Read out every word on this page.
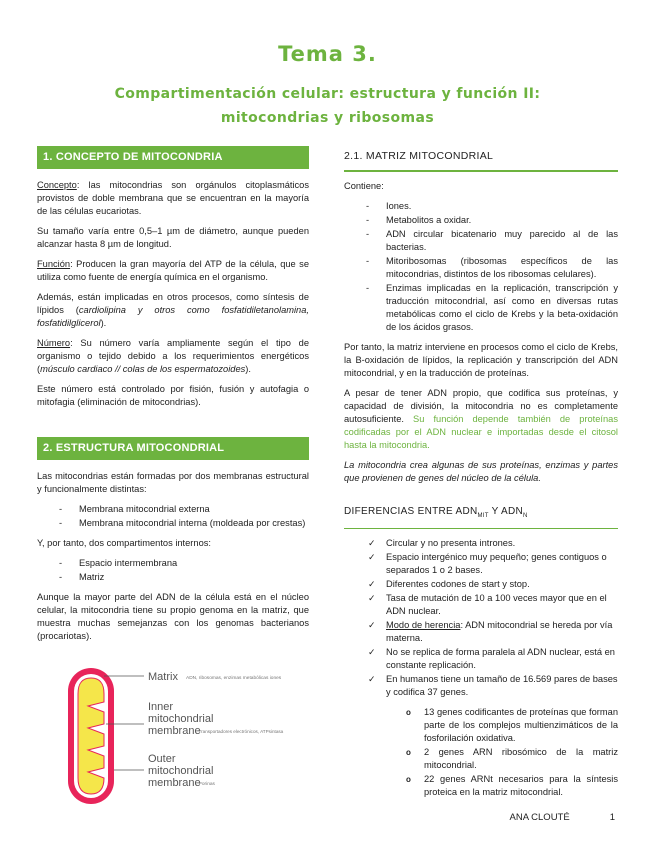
Tema 3.
Compartimentación celular: estructura y función II:
mitocondrias y ribosomas
1. CONCEPTO DE MITOCONDRIA

Concepto: las mitocondrias son orgánulos citoplasmáticos provistos de doble membrana que se encuentran en la mayoría de las células eucariotas.

Su tamaño varía entre 0,5–1 µm de diámetro, aunque pueden alcanzar hasta 8 µm de longitud.

Función: Producen la gran mayoría del ATP de la célula, que se utiliza como fuente de energía química en el organismo.

Además, están implicadas en otros procesos, como síntesis de lípidos (cardiolipina y otros como fosfatidiletanolamina, fosfatidilglicerol).

Número: Su número varía ampliamente según el tipo de organismo o tejido debido a los requerimientos energéticos (músculo cardiaco // colas de los espermatozoides).

Este número está controlado por fisión, fusión y autofagia o mitofagia (eliminación de mitocondrias).

2. ESTRUCTURA MITOCONDRIAL

Las mitocondrias están formadas por dos membranas estructural y funcionalmente distintas:

- Membrana mitocondrial externa
- Membrana mitocondrial interna (moldeada por crestas)

Y, por tanto, dos compartimentos internos:

- Espacio intermembrana
- Matriz

Aunque la mayor parte del ADN de la célula está en el núcleo celular, la mitocondria tiene su propio genoma en la matriz, que muestra muchas semejanzas con los genomas bacterianos (procariotas).

Matrix ADN, ribosomas, enzimas metabólicas iones
Inner
mitochondrial
membrane
: Transportadores electrónicos, ATPsintasa
Outer
mitochondrial
membrane
: Porinas
2.1. MATRIZ MITOCONDRIAL

Contiene:

- Iones.
- Metabolitos a oxidar.
- ADN circular bicatenario muy parecido al de las bacterias.
- Mitoribosomas (ribosomas específicos de las mitocondrias, distintos de los ribosomas celulares).
- Enzimas implicadas en la replicación, transcripción y traducción mitocondrial, así como en diversas rutas metabólicas como el ciclo de Krebs y la beta-oxidación de los ácidos grasos.

Por tanto, la matriz interviene en procesos como el ciclo de Krebs, la B-oxidación de lípidos, la replicación y transcripción del ADN mitocondrial, y en la traducción de proteínas.

A pesar de tener ADN propio, que codifica sus proteínas, y capacidad de división, la mitocondria no es completamente autosuficiente. Su función depende también de proteínas codificadas por el ADN nuclear e importadas desde el citosol hasta la mitocondria.

La mitocondria crea algunas de sus proteínas, enzimas y partes que provienen de genes del núcleo de la célula.

DIFERENCIAS ENTRE $ADN_{MIT}$ Y $ADN_N$
✓ Circular y no presenta intrones.
✓ Espacio intergénico muy pequeño; genes contiguos o separados 1 o 2 bases.
✓ Diferentes codones de start y stop.
✓ Tasa de mutación de 10 a 100 veces mayor que en el ADN nuclear.
✓ Modo de herencia: ADN mitocondrial se hereda por vía materna.
✓ No se replica de forma paralela al ADN nuclear, está en constante replicación.
✓ En humanos tiene un tamaño de 16.569 pares de bases y codifica 37 genes.
o 13 genes codificantes de proteínas que forman parte de los complejos multienzimáticos de la fosforilación oxidativa.
o 2 genes ARN ribosómico de la matriz mitocondrial.
o 22 genes ARNt necesarios para la síntesis proteica en la matriz mitocondrial.
ANA CLOUTÉ	1
